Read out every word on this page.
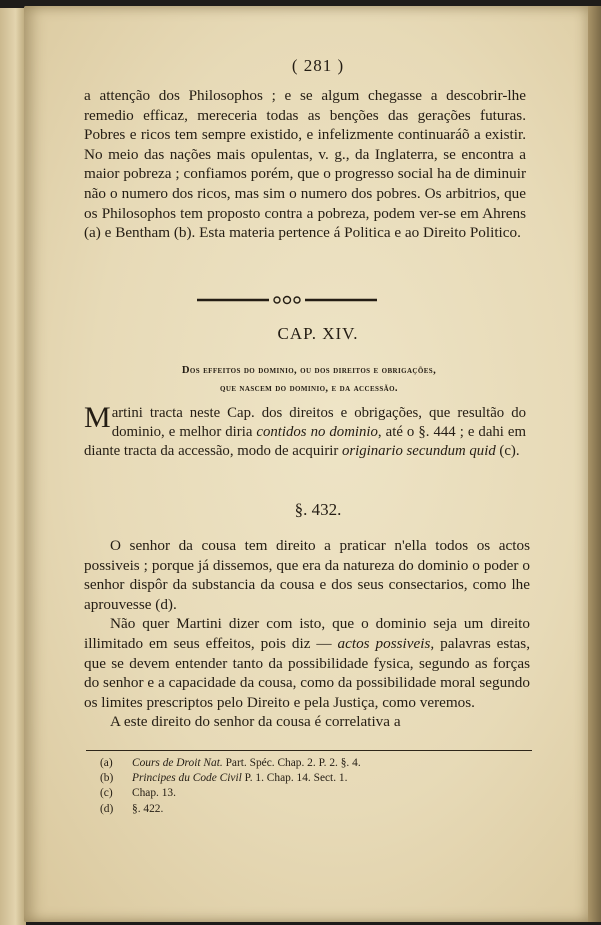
( 281 )
a attenção dos Philosophos ; e se algum chegasse a descobrir-lhe remedio efficaz, mereceria todas as benções das gerações futuras. Pobres e ricos tem sempre existido, e infelizmente continuaráõ a existir. No meio das nações mais opulentas, v. g., da Inglaterra, se encontra a maior pobreza ; confiamos porém, que o progresso social ha de diminuir não o numero dos ricos, mas sim o numero dos pobres. Os arbitrios, que os Philosophos tem proposto contra a pobreza, podem ver-se em Ahrens (a) e Bentham (b). Esta materia pertence á Politica e ao Direito Politico.
CAP. XIV.
Dos effeitos do dominio, ou dos direitos e obrigações,
que nascem do dominio, e da accessão.
Martini tracta neste Cap. dos direitos e obrigações, que resultão do dominio, e melhor diria contidos no dominio, até o §. 444 ; e dahi em diante tracta da accessão, modo de acquirir originario secundum quid (c).
§. 432.

O senhor da cousa tem direito a praticar n'ella todos os actos possiveis ; porque já dissemos, que era da natureza do dominio o poder o senhor dispôr da substancia da cousa e dos seus consectarios, como lhe aprouvesse (d).

Não quer Martini dizer com isto, que o dominio seja um direito illimitado em seus effeitos, pois diz — actos possiveis, palavras estas, que se devem entender tanto da possibilidade fysica, segundo as forças do senhor e a capacidade da cousa, como da possibilidade moral segundo os limites prescriptos pelo Direito e pela Justiça, como veremos.

A este direito do senhor da cousa é correlativa a

(a)	Cours de Droit Nat. Part. Spéc. Chap. 2. P. 2. §. 4.
(b)	Principes du Code Civil P. 1. Chap. 14. Sect. 1.
(c)	Chap. 13.
(d)	§. 422.
